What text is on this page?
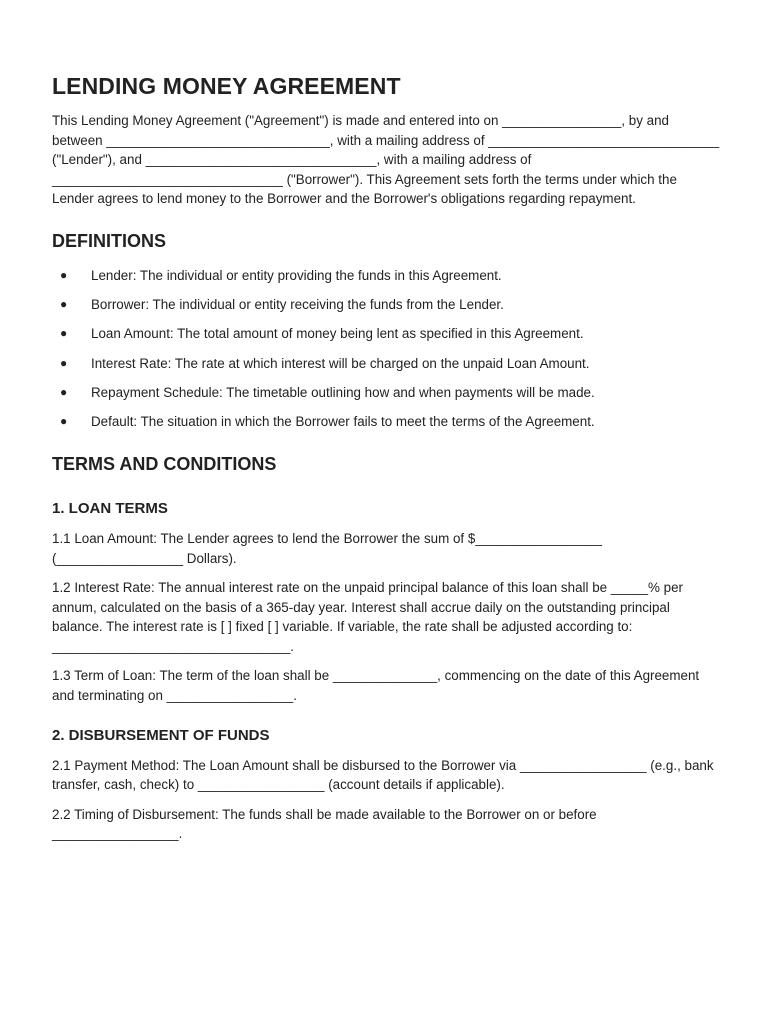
LENDING MONEY AGREEMENT

This Lending Money Agreement ("Agreement") is made and entered into on ________________, by and between ______________________________, with a mailing address of _______________________________ ("Lender"), and _______________________________, with a mailing address of _______________________________ ("Borrower"). This Agreement sets forth the terms under which the Lender agrees to lend money to the Borrower and the Borrower's obligations regarding repayment.

DEFINITIONS
● Lender: The individual or entity providing the funds in this Agreement.
● Borrower: The individual or entity receiving the funds from the Lender.
● Loan Amount: The total amount of money being lent as specified in this Agreement.
● Interest Rate: The rate at which interest will be charged on the unpaid Loan Amount.
● Repayment Schedule: The timetable outlining how and when payments will be made.
● Default: The situation in which the Borrower fails to meet the terms of the Agreement.
TERMS AND CONDITIONS
1. LOAN TERMS

1.1 Loan Amount: The Lender agrees to lend the Borrower the sum of $_________________ (_________________ Dollars).

1.2 Interest Rate: The annual interest rate on the unpaid principal balance of this loan shall be _____% per annum, calculated on the basis of a 365-day year. Interest shall accrue daily on the outstanding principal balance. The interest rate is [ ] fixed [ ] variable. If variable, the rate shall be adjusted according to: ________________________________.

1.3 Term of Loan: The term of the loan shall be ______________, commencing on the date of this Agreement and terminating on _________________.

2. DISBURSEMENT OF FUNDS

2.1 Payment Method: The Loan Amount shall be disbursed to the Borrower via _________________ (e.g., bank transfer, cash, check) to _________________ (account details if applicable).

2.2 Timing of Disbursement: The funds shall be made available to the Borrower on or before _________________.
